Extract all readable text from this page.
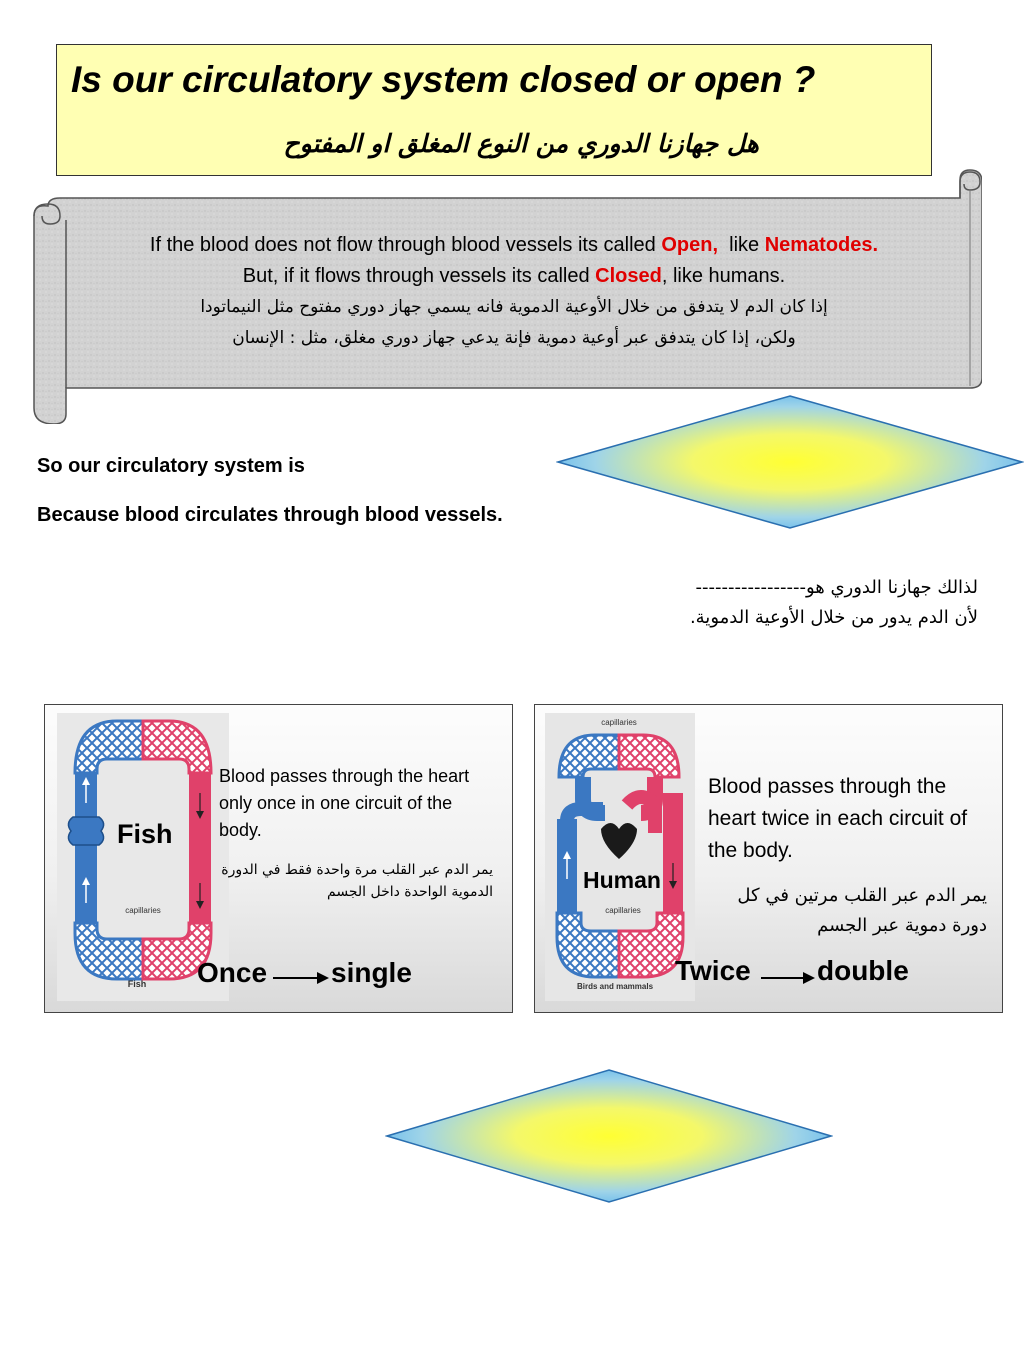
Is our circulatory system closed or open ?
هل جهازنا الدوري من النوع المغلق او المفتوح
If the blood does not flow through blood vessels its called Open,  like Nematodes.
But, if it flows through vessels its called Closed, like humans.
إذا كان الدم لا يتدفق من خلال الأوعية الدموية فانه يسمي جهاز دوري مفتوح مثل النيماتودا
ولكن، إذا كان يتدفق عبر أوعية دموية فإنة يدعي جهاز دوري مغلق، مثل : الإنسان
So our circulatory system is
Because blood circulates through blood vessels.
لذالك جهازنا الدوري هو-----------------
لأن الدم يدور من خلال الأوعية الدموية.
capillaries
Fish
Fish
Blood passes through the heart only once in one circuit of the body.
يمر الدم عبر القلب مرة واحدة فقط في الدورة الدموية الواحدة داخل الجسم
Once single
capillaries
capillaries
Birds and mammals
Human
Blood passes through the heart twice in each circuit of the body.
يمر الدم عبر القلب مرتين في كل دورة دموية عبر الجسم
Twice double
